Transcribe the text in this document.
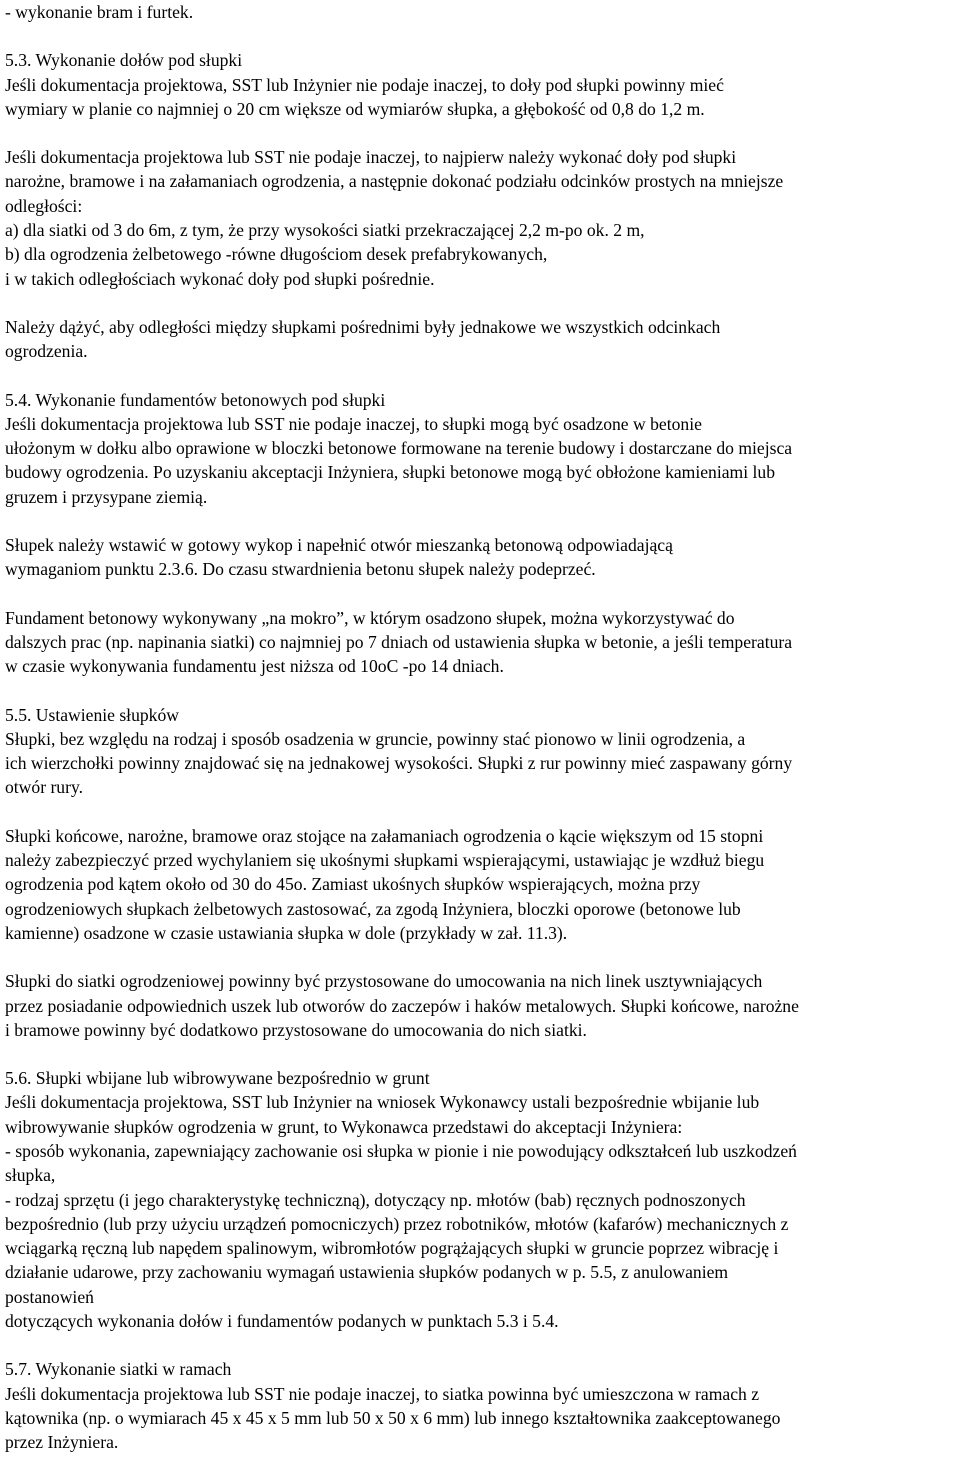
- wykonanie bram i furtek.
5.3. Wykonanie dołów pod słupki
Jeśli dokumentacja projektowa, SST lub Inżynier nie podaje inaczej, to doły pod słupki powinny mieć
wymiary w planie co najmniej o 20 cm większe od wymiarów słupka, a głębokość od 0,8 do 1,2 m.
Jeśli dokumentacja projektowa lub SST nie podaje inaczej, to najpierw należy wykonać doły pod słupki
narożne, bramowe i na załamaniach ogrodzenia, a następnie dokonać podziału odcinków prostych na mniejsze
odległości:
a) dla siatki od 3 do 6m, z tym, że przy wysokości siatki przekraczającej 2,2 m-po ok. 2 m,
b) dla ogrodzenia żelbetowego -równe długościom desek prefabrykowanych,
i w takich odległościach wykonać doły pod słupki pośrednie.
Należy dążyć, aby odległości między słupkami pośrednimi były jednakowe we wszystkich odcinkach
ogrodzenia.
5.4. Wykonanie fundamentów betonowych pod słupki
Jeśli dokumentacja projektowa lub SST nie podaje inaczej, to słupki mogą być osadzone w betonie
ułożonym w dołku albo oprawione w bloczki betonowe formowane na terenie budowy i dostarczane do miejsca
budowy ogrodzenia. Po uzyskaniu akceptacji Inżyniera, słupki betonowe mogą być obłożone kamieniami lub
gruzem i przysypane ziemią.
Słupek należy wstawić w gotowy wykop i napełnić otwór mieszanką betonową odpowiadającą
wymaganiom punktu 2.3.6. Do czasu stwardnienia betonu słupek należy podeprzeć.
Fundament betonowy wykonywany „na mokro”, w którym osadzono słupek, można wykorzystywać do
dalszych prac (np. napinania siatki) co najmniej po 7 dniach od ustawienia słupka w betonie, a jeśli temperatura
w czasie wykonywania fundamentu jest niższa od 10oC -po 14 dniach.
5.5. Ustawienie słupków
Słupki, bez względu na rodzaj i sposób osadzenia w gruncie, powinny stać pionowo w linii ogrodzenia, a
ich wierzchołki powinny znajdować się na jednakowej wysokości. Słupki z rur powinny mieć zaspawany górny
otwór rury.
Słupki końcowe, narożne, bramowe oraz stojące na załamaniach ogrodzenia o kącie większym od 15 stopni
należy zabezpieczyć przed wychylaniem się ukośnymi słupkami wspierającymi, ustawiając je wzdłuż biegu
ogrodzenia pod kątem około od 30 do 45o. Zamiast ukośnych słupków wspierających, można przy
ogrodzeniowych słupkach żelbetowych zastosować, za zgodą Inżyniera, bloczki oporowe (betonowe lub
kamienne) osadzone w czasie ustawiania słupka w dole (przykłady w zał. 11.3).
Słupki do siatki ogrodzeniowej powinny być przystosowane do umocowania na nich linek usztywniających
przez posiadanie odpowiednich uszek lub otworów do zaczepów i haków metalowych. Słupki końcowe, narożne
i bramowe powinny być dodatkowo przystosowane do umocowania do nich siatki.
5.6. Słupki wbijane lub wibrowywane bezpośrednio w grunt
Jeśli dokumentacja projektowa, SST lub Inżynier na wniosek Wykonawcy ustali bezpośrednie wbijanie lub
wibrowywanie słupków ogrodzenia w grunt, to Wykonawca przedstawi do akceptacji Inżyniera:
- sposób wykonania, zapewniający zachowanie osi słupka w pionie i nie powodujący odkształceń lub uszkodzeń
słupka,
- rodzaj sprzętu (i jego charakterystykę techniczną), dotyczący np. młotów (bab) ręcznych podnoszonych
bezpośrednio (lub przy użyciu urządzeń pomocniczych) przez robotników, młotów (kafarów) mechanicznych z
wciągarką ręczną lub napędem spalinowym, wibromłotów pogrążających słupki w gruncie poprzez wibrację i
działanie udarowe, przy zachowaniu wymagań ustawienia słupków podanych w p. 5.5, z anulowaniem
postanowień
dotyczących wykonania dołów i fundamentów podanych w punktach 5.3 i 5.4.
5.7. Wykonanie siatki w ramach
Jeśli dokumentacja projektowa lub SST nie podaje inaczej, to siatka powinna być umieszczona w ramach z
kątownika (np. o wymiarach 45 x 45 x 5 mm lub 50 x 50 x 6 mm) lub innego kształtownika zaakceptowanego
przez Inżyniera.
